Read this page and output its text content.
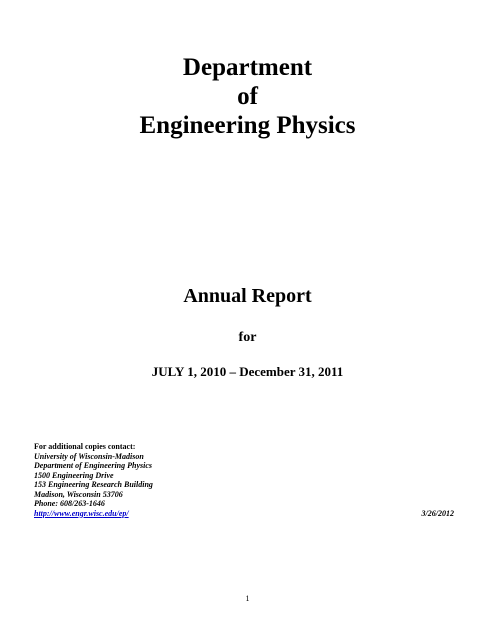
Department

of

Engineering Physics

Annual Report
for
JULY 1, 2010 – December 31, 2011
For additional copies contact:
University of Wisconsin-Madison
Department of Engineering Physics
1500 Engineering Drive
153 Engineering Research Building
Madison, Wisconsin 53706
Phone: 608/263-1646
http://www.engr.wisc.edu/ep/	3/26/2012
1
